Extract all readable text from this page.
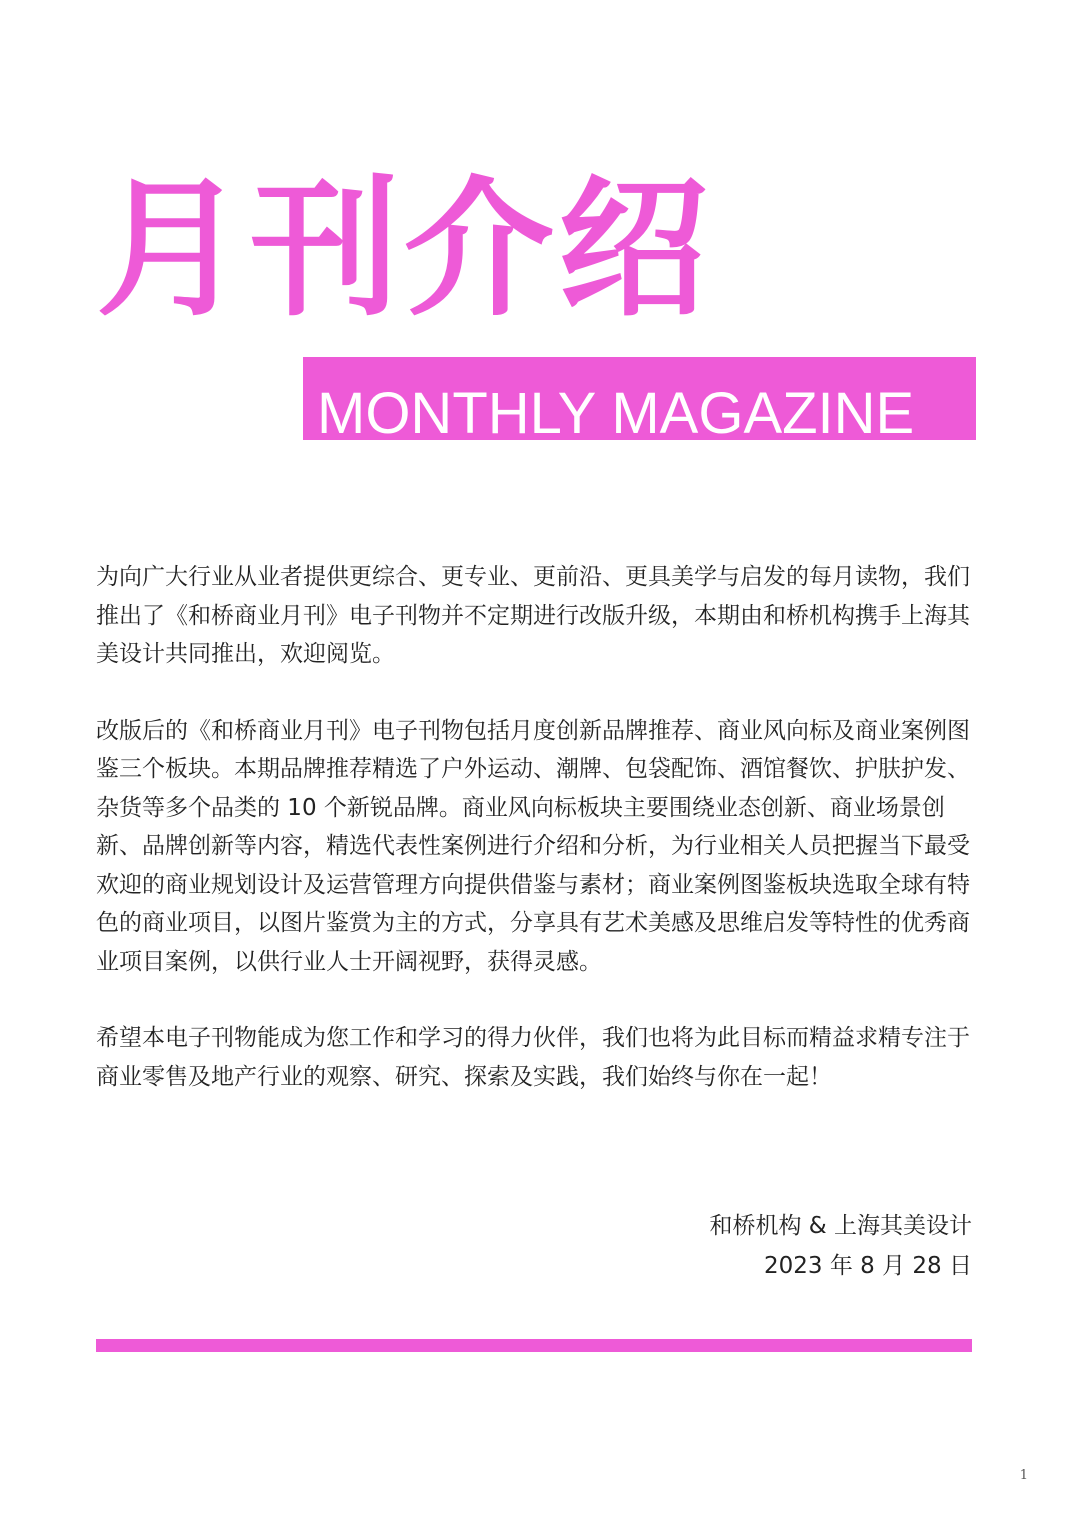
月刊介绍
MONTHLY MAGAZINE

为向广大行业从业者提供更综合、更专业、更前沿、更具美学与启发的每月读物，我们推出了《和桥商业月刊》电子刊物并不定期进行改版升级，本期由和桥机构携手上海其美设计共同推出，欢迎阅览。

改版后的《和桥商业月刊》电子刊物包括月度创新品牌推荐、商业风向标及商业案例图鉴三个板块。本期品牌推荐精选了户外运动、潮牌、包袋配饰、酒馆餐饮、护肤护发、杂货等多个品类的 10 个新锐品牌。商业风向标板块主要围绕业态创新、商业场景创新、品牌创新等内容，精选代表性案例进行介绍和分析，为行业相关人员把握当下最受欢迎的商业规划设计及运营管理方向提供借鉴与素材；商业案例图鉴板块选取全球有特色的商业项目，以图片鉴赏为主的方式，分享具有艺术美感及思维启发等特性的优秀商业项目案例，以供行业人士开阔视野，获得灵感。

希望本电子刊物能成为您工作和学习的得力伙伴，我们也将为此目标而精益求精专注于商业零售及地产行业的观察、研究、探索及实践，我们始终与你在一起！

和桥机构 & 上海其美设计
2023 年 8 月 28 日
1
